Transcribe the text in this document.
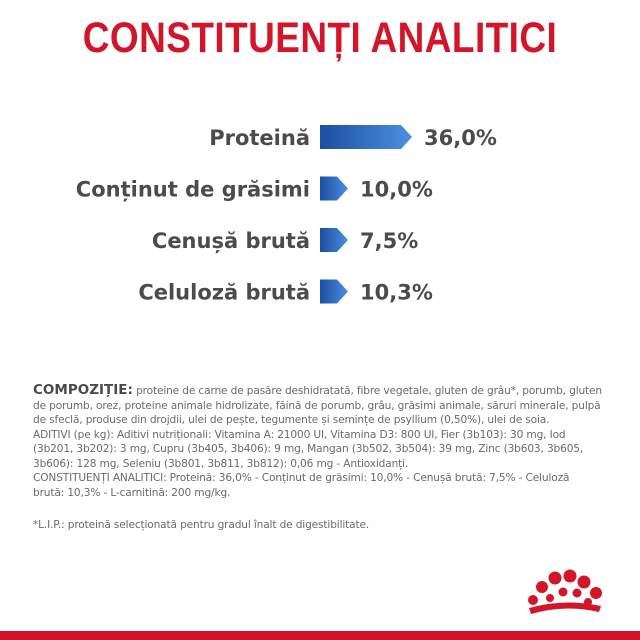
CONSTITUENȚI ANALITICI
Proteină	36,0%
Conținut de grăsimi 10,0%
Cenușă brută 7,5%
Celuloză brută 10,3%

COMPOZIȚIE: proteine de carne de pasăre deshidratată, fibre vegetale, gluten de grâu*, porumb, gluten de porumb, orez, proteine animale hidrolizate, făină de porumb, grâu, grăsimi animale, săruri minerale, pulpă de sfeclă, produse din drojdii, ulei de pește, tegumente și semințe de psyllium (0,50%), ulei de soia.

ADITIVI (pe kg): Aditivi nutriționali: Vitamina A: 21000 UI, Vitamina D3: 800 UI, Fier (3b103): 30 mg, Iod (3b201, 3b202): 3 mg, Cupru (3b405, 3b406): 9 mg, Mangan (3b502, 3b504): 39 mg, Zinc (3b603, 3b605, 3b606): 128 mg, Seleniu (3b801, 3b811, 3b812): 0,06 mg - Antioxidanți.

CONSTITUENȚI ANALITICI: Proteină: 36,0% - Conținut de grăsimi: 10,0% - Cenușă brută: 7,5% - Celuloză brută: 10,3% - L-carnitină: 200 mg/kg.

*L.I.P.: proteină selecționată pentru gradul înalt de digestibilitate.
